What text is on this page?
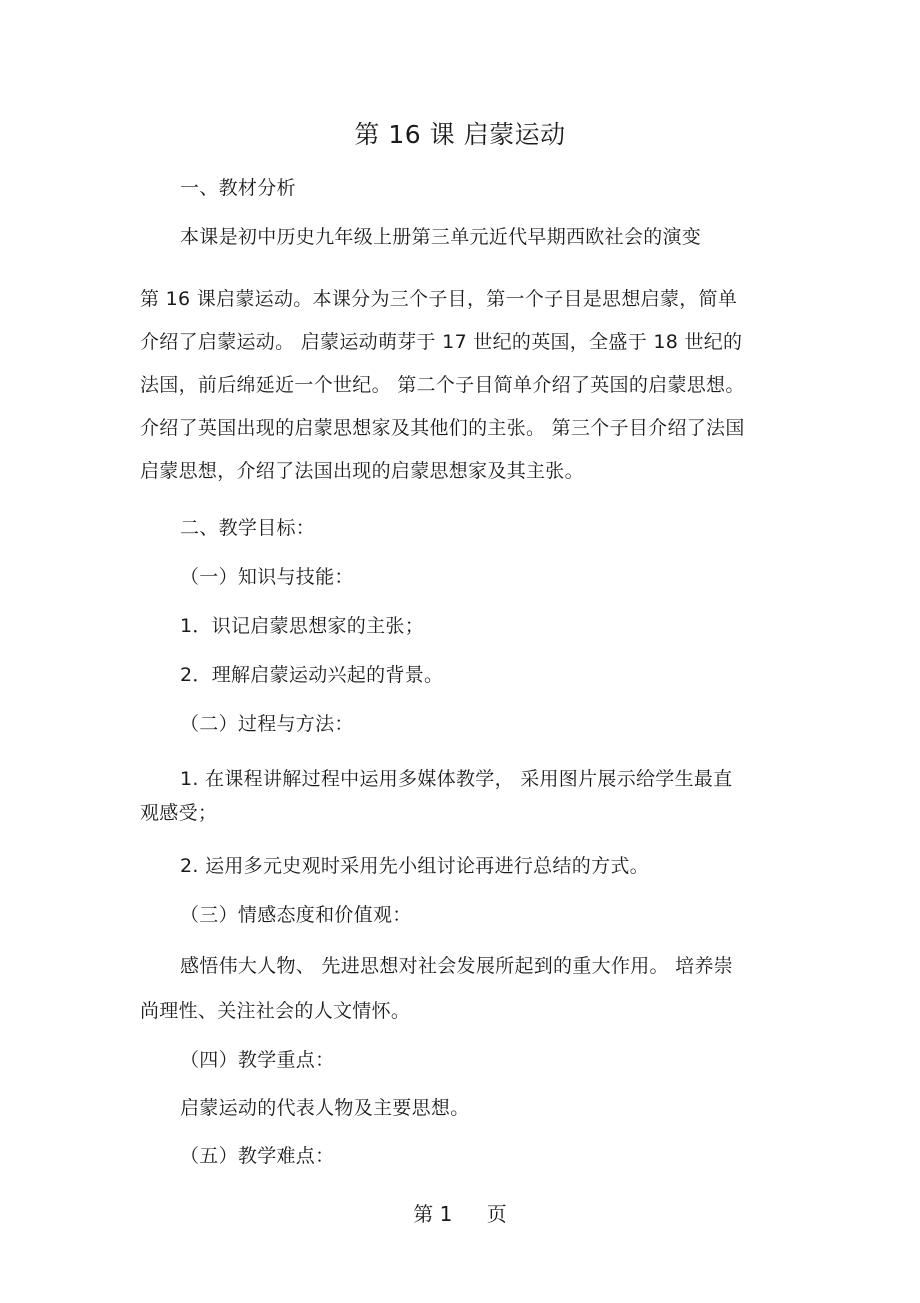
第 16 课 启蒙运动
一、教材分析
本课是初中历史九年级上册第三单元近代早期西欧社会的演变
第 16 课启蒙运动。本课分为三个子目，第一个子目是思想启蒙，简单
介绍了启蒙运动。 启蒙运动萌芽于 17 世纪的英国，全盛于 18 世纪的
法国，前后绵延近一个世纪。 第二个子目简单介绍了英国的启蒙思想。
介绍了英国出现的启蒙思想家及其他们的主张。 第三个子目介绍了法国
启蒙思想，介绍了法国出现的启蒙思想家及其主张。
二、教学目标：
（一）知识与技能：
1．识记启蒙思想家的主张；
2．理解启蒙运动兴起的背景。
（二）过程与方法：
1. 在课程讲解过程中运用多媒体教学， 采用图片展示给学生最直
观感受；
2. 运用多元史观时采用先小组讨论再进行总结的方式。
（三）情感态度和价值观：
感悟伟大人物、 先进思想对社会发展所起到的重大作用。 培养崇
尚理性、关注社会的人文情怀。
（四）教学重点：
启蒙运动的代表人物及主要思想。
（五）教学难点：
第 1 页
